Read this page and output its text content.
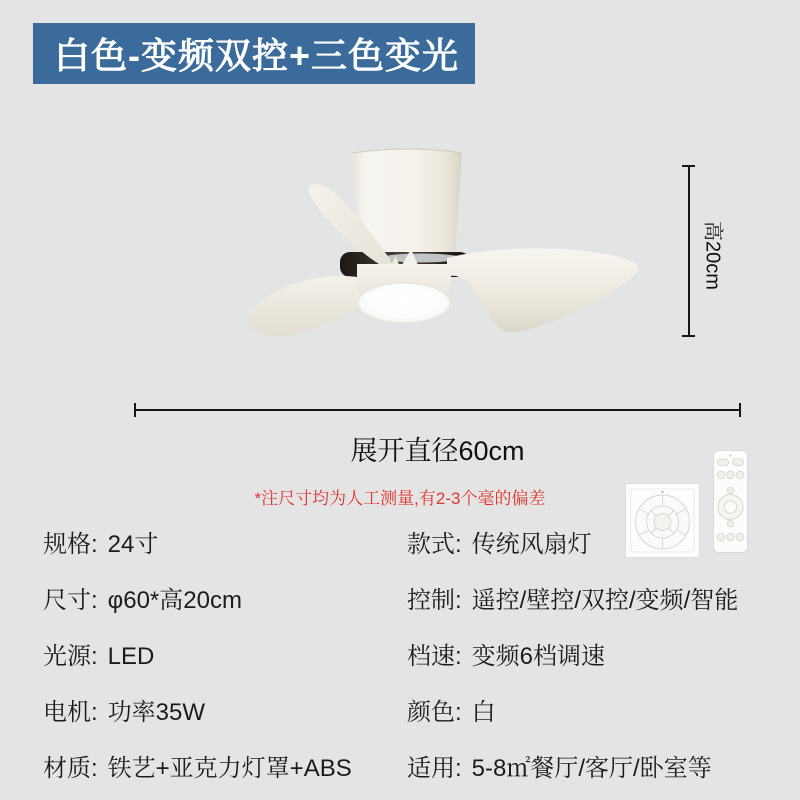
白色-变频双控+三色变光
高20cm
展开直径60cm
*注尺寸均为人工测量,有2-3个毫的偏差
规格: 24寸
尺寸: φ60*高20cm
光源: LED
电机: 功率35W
材质: 铁艺+亚克力灯罩+ABS
款式: 传统风扇灯
控制: 遥控/壁控/双控/变频/智能
档速: 变频6档调速
颜色: 白
适用: 5-8㎡餐厅/客厅/卧室等
